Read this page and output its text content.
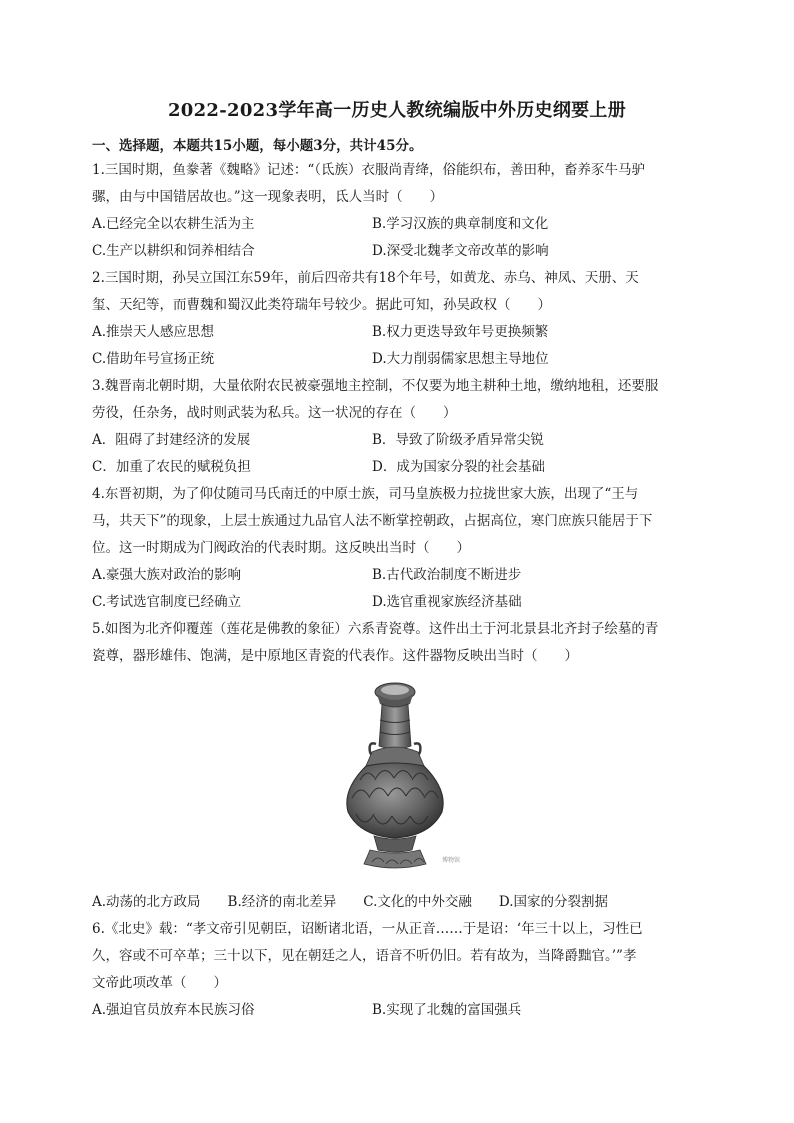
2022-2023学年高一历史人教统编版中外历史纲要上册
一、选择题，本题共15小题，每小题3分，共计45分。
1.三国时期，鱼豢著《魏略》记述：“（氐族）衣服尚青绛，俗能织布，善田种，畜养豕牛马驴
骡，由与中国错居故也。”这一现象表明，氐人当时（　　）
A.已经完全以农耕生活为主	B.学习汉族的典章制度和文化
C.生产以耕织和饲养相结合	D.深受北魏孝文帝改革的影响
2.三国时期，孙吴立国江东59年，前后四帝共有18个年号，如黄龙、赤乌、神凤、天册、天
玺、天纪等，而曹魏和蜀汉此类符瑞年号较少。据此可知，孙吴政权（　　）
A.推崇天人感应思想	B.权力更迭导致年号更换频繁
C.借助年号宣扬正统	D.大力削弱儒家思想主导地位
3.魏晋南北朝时期，大量依附农民被豪强地主控制，不仅要为地主耕种土地，缴纳地租，还要服
劳役，任杂务，战时则武装为私兵。这一状况的存在（　　）
A．阻碍了封建经济的发展	B．导致了阶级矛盾异常尖锐
C．加重了农民的赋税负担	D．成为国家分裂的社会基础
4.东晋初期，为了仰仗随司马氏南迁的中原士族，司马皇族极力拉拢世家大族，出现了“王与
马，共天下”的现象，上层士族通过九品官人法不断掌控朝政，占据高位，寒门庶族只能居于下
位。这一时期成为门阀政治的代表时期。这反映出当时（　　）
A.豪强大族对政治的影响	B.古代政治制度不断进步
C.考试选官制度已经确立	D.选官重视家族经济基础
5.如图为北齐仰覆莲（莲花是佛教的象征）六系青瓷尊。这件出土于河北景县北齐封子绘墓的青
瓷尊，器形雄伟、饱满，是中原地区青瓷的代表作。这件器物反映出当时（　　）
博物馆
A.动荡的北方政局　　B.经济的南北差异　　C.文化的中外交融　　D.国家的分裂割据
6.《北史》载：“孝文帝引见朝臣，诏断诸北语，一从正音……于是诏：‘年三十以上，习性已
久，容或不可卒革；三十以下，见在朝廷之人，语音不听仍旧。若有故为，当降爵黜官。’”孝
文帝此项改革（　　）
A.强迫官员放弃本民族习俗	B.实现了北魏的富国强兵
